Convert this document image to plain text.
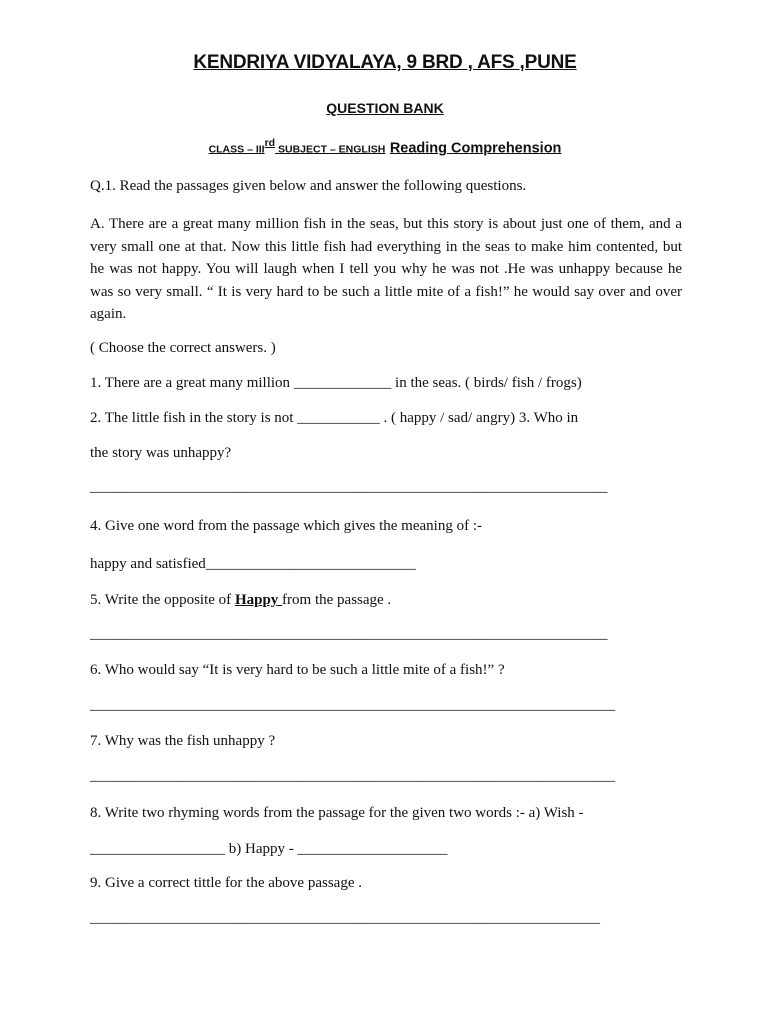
KENDRIYA VIDYALAYA, 9 BRD , AFS ,PUNE
QUESTION BANK
CLASS – IIIrd SUBJECT – ENGLISH Reading Comprehension
Q.1. Read the passages given below and answer the following questions.
A. There are a great many million fish in the seas, but this story is about just one of them, and a very small one at that. Now this little fish had everything in the seas to make him contented, but he was not happy. You will laugh when I tell you why he was not .He was unhappy because he was so very small. “ It is very hard to be such a little mite of a fish!” he would say over and over again.
( Choose the correct answers. )
1. There are a great many million _____________ in the seas. ( birds/ fish / frogs)
2. The little fish in the story is not ___________ . ( happy / sad/ angry) 3. Who in
the story was unhappy?
_____________________________________________________________________
4. Give one word from the passage which gives the meaning of :-
happy and satisfied____________________________
5. Write the opposite of Happy from the passage .
_____________________________________________________________________
6. Who would say “It is very hard to be such a little mite of a fish!” ?
______________________________________________________________________
7. Why was the fish unhappy ?
______________________________________________________________________
8. Write two rhyming words from the passage for the given two words :- a) Wish -
__________________ b) Happy - ____________________
9. Give a correct tittle for the above passage .
____________________________________________________________________
